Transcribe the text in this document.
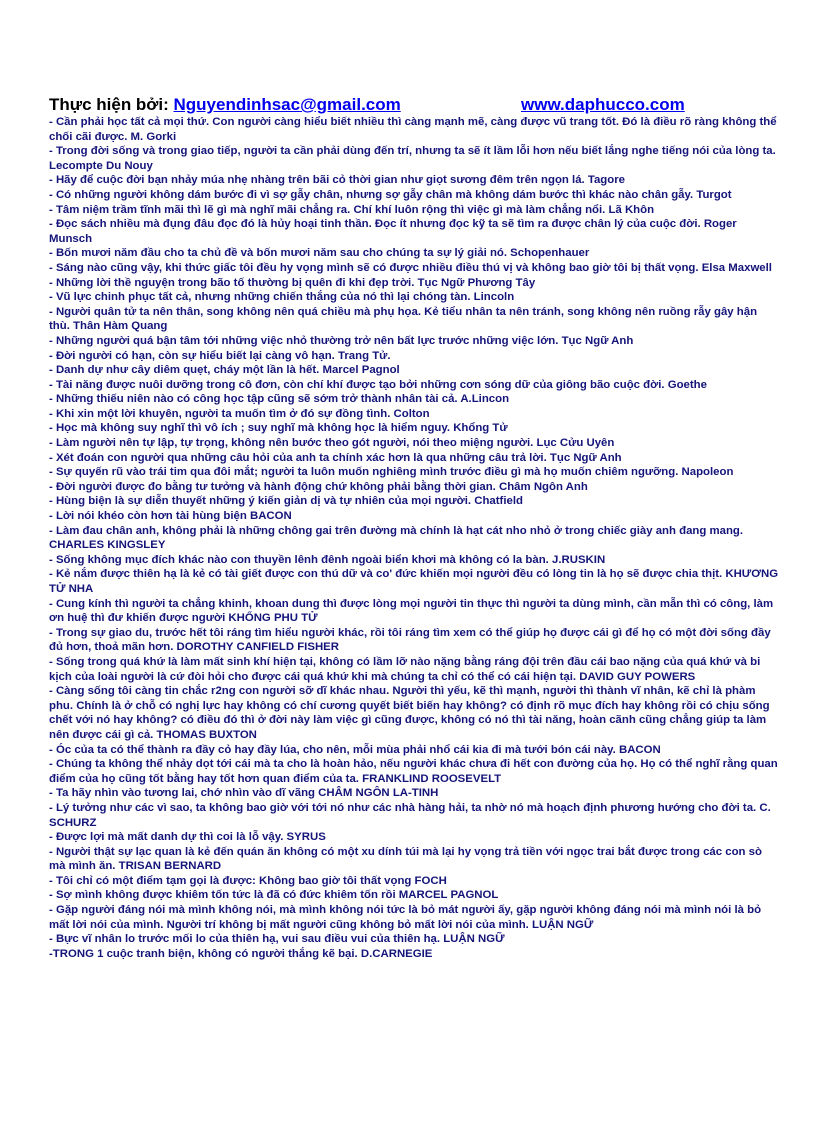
Thực hiện bởi: Nguyendinhsac@gmail.com	www.daphucco.com
- Cần phải học tất cả mọi thứ. Con người càng hiểu biết nhiều thì càng mạnh mẽ, càng được vũ trang tốt. Đó là điều rõ ràng không thể chối cãi được. M. Gorki
- Trong đời sống và trong giao tiếp, người ta cần phải dùng đến trí, nhưng ta sẽ ít lầm lỗi hơn nếu biết lắng nghe tiếng nói của lòng ta. Lecompte Du Nouy
- Hãy để cuộc đời bạn nhảy múa nhẹ nhàng trên bãi cỏ thời gian như giọt sương đêm trên ngọn lá. Tagore
- Có những người không dám bước đi vì sợ gẫy chân, nhưng sợ gẫy chân mà không dám bước thì khác nào chân gẫy. Turgot
- Tâm niệm trầm tĩnh mãi thì lẽ gì mà nghĩ mãi chẳng ra. Chí khí luôn rộng thì việc gì mà làm chẳng nổi. Lã Khôn
- Đọc sách nhiều mà đụng đâu đọc đó là hủy hoại tinh thần. Đọc ít nhưng đọc kỹ ta sẽ tìm ra được chân lý của cuộc đời. Roger Munsch
- Bốn mươi năm đầu cho ta chủ đề và bốn mươi năm sau cho chúng ta sự lý giải nó. Schopenhauer
- Sáng nào cũng vậy, khi thức giấc tôi đều hy vọng mình sẽ có được nhiều điều thú vị và không bao giờ tôi bị thất vọng. Elsa Maxwell
- Những lời thề nguyện trong bão tố thường bị quên đi khi đẹp trời. Tục Ngữ Phương Tây
- Vũ lực chinh phục tất cả, nhưng những chiến thắng của nó thì lại chóng tàn. Lincoln
- Người quân tử ta nên thân, song không nên quá chiều mà phụ họa. Kẻ tiểu nhân ta nên tránh, song không nên ruồng rẫy gây hận thù. Thân Hàm Quang
- Những người quá bận tâm tới những việc nhỏ thường trở nên bất lực trước những việc lớn. Tục Ngữ Anh
- Đời người có hạn, còn sự hiểu biết lại càng vô hạn. Trang Tử.
- Danh dự như cây diêm quẹt, cháy một lần là hết. Marcel Pagnol
- Tài năng được nuôi dưỡng trong cô đơn, còn chí khí được tạo bởi những cơn sóng dữ của giông bão cuộc đời. Goethe
- Những thiếu niên nào có công học tập cũng sẽ sớm trở thành nhân tài cả. A.Lincon
- Khi xin một lời khuyên, người ta muốn tìm ở đó sự đồng tình. Colton
- Học mà không suy nghĩ thì vô ích ; suy nghĩ mà không học là hiểm nguy. Khổng Tử
- Làm người nên tự lập, tự trọng, không nên bước theo gót người, nói theo miệng người. Lục Cửu Uyên
- Xét đoán con người qua những câu hỏi của anh ta chính xác hơn là qua những câu trả lời. Tục Ngữ Anh
- Sự quyến rũ vào trái tim qua đôi mắt; người ta luôn muốn nghiêng mình trước điều gì mà họ muốn chiêm ngưỡng. Napoleon
- Đời người được đo bằng tư tưởng và hành động chứ không phải bằng thời gian. Châm Ngôn Anh
- Hùng biện là sự diễn thuyết những ý kiến giản dị và tự nhiên của mọi người. Chatfield
- Lời nói khéo còn hơn tài hùng biện BACON
- Làm đau chân anh, không phải là những chông gai trên đường mà chính là hạt cát nho nhỏ ở trong chiếc giày anh đang mang. CHARLES KINGSLEY
- Sống không mục đích khác nào con thuyền lênh đênh ngoài biển khơi mà không có la bàn. J.RUSKIN
- Kẻ nắm được thiên hạ là kẻ có tài giết được con thú dữ và co' đức khiến mọi người đều có lòng tin là họ sẽ được chia thịt. KHƯƠNG TỬ NHA
- Cung kính thì người ta chẳng khinh, khoan dung thì được lòng mọi người tin thực thì người ta dùng mình, cần mẫn thì có công, làm ơn huệ thì đư khiến được người KHỔNG PHU TỬ
- Trong sự giao du, trước hết tôi ráng tìm hiểu người khác, rồi tôi ráng tìm xem có thể giúp họ được cái gì để họ có một đời sống đầy đủ hơn, thoả mãn hơn. DOROTHY CANFIELD FISHER
- Sống trong quá khứ là làm mất sinh khí hiện tại, không có lầm lỡ nào nặng bằng ráng đội trên đầu cái bao nặng của quá khứ và bi kịch của loài người là cứ đòi hỏi cho được cái quá khứ khi mà chúng ta chỉ có thể có cái hiện tại. DAVID GUY POWERS
- Càng sống tôi càng tin chắc r2ng con người sỡ dĩ khác nhau. Người thì yếu, kẽ thì mạnh, người thì thành vĩ nhân, kẽ chỉ là phàm phu. Chính là ở chỗ có nghị lực hay không có chí cương quyết biết biến hay không? có định rõ mục đích hay không rồi có chịu sống chết với nó hay không? có điều đó thì ở đời này làm việc gì cũng được, không có nó thì tài năng, hoàn cãnh cũng chẳng giúp ta làm nên được cái gì cả. THOMAS BUXTON
- Óc của ta có thể thành ra đầy cỏ hay đầy lúa, cho nên, mỗi mùa phải nhổ cái kia đi mà tưới bón cái này. BACON
- Chúng ta không thể nhảy dọt tới cái mà ta cho là hoàn hảo, nếu người khác chưa đi hết con đường của họ. Họ có thể nghĩ rằng quan điểm của họ cũng tốt bằng hay tốt hơn quan điểm của ta. FRANKLIND ROOSEVELT
- Ta hãy nhìn vào tương lai, chớ nhìn vào dĩ vãng CHÂM NGÔN LA-TINH
- Lý tưởng như các vì sao, ta không bao giờ với tới nó như các nhà hàng hải, ta nhờ nó mà hoạch định phương hướng cho đời ta. C. SCHURZ
- Được lợi mà mất danh dự thì coi là lỗ vậy. SYRUS
- Người thật sự lạc quan là kẻ đến quán ăn không có một xu dính túi mà lại hy vọng trả tiền với ngọc trai bắt được trong các con sò mà mình ăn. TRISAN BERNARD
- Tôi chỉ có một điểm tạm gọi là được: Không bao giờ tôi thất vọng FOCH
- Sợ mình không được khiêm tốn tức là đã có đức khiêm tốn rồi MARCEL PAGNOL
- Gặp người đáng nói mà mình không nói, mà mình không nói tức là bỏ mát người ấy, gặp người không đáng nói mà mình nói là bỏ mất lời nói của mình. Người trí không bị mất người cũng không bỏ mất lời nói của mình. LUẬN NGỮ
- Bực vĩ nhân lo trước mối lo của thiên hạ, vui sau điều vui của thiên hạ. LUẬN NGỮ
-TRONG 1 cuộc tranh biện, không có người thắng kẽ bại. D.CARNEGIE
